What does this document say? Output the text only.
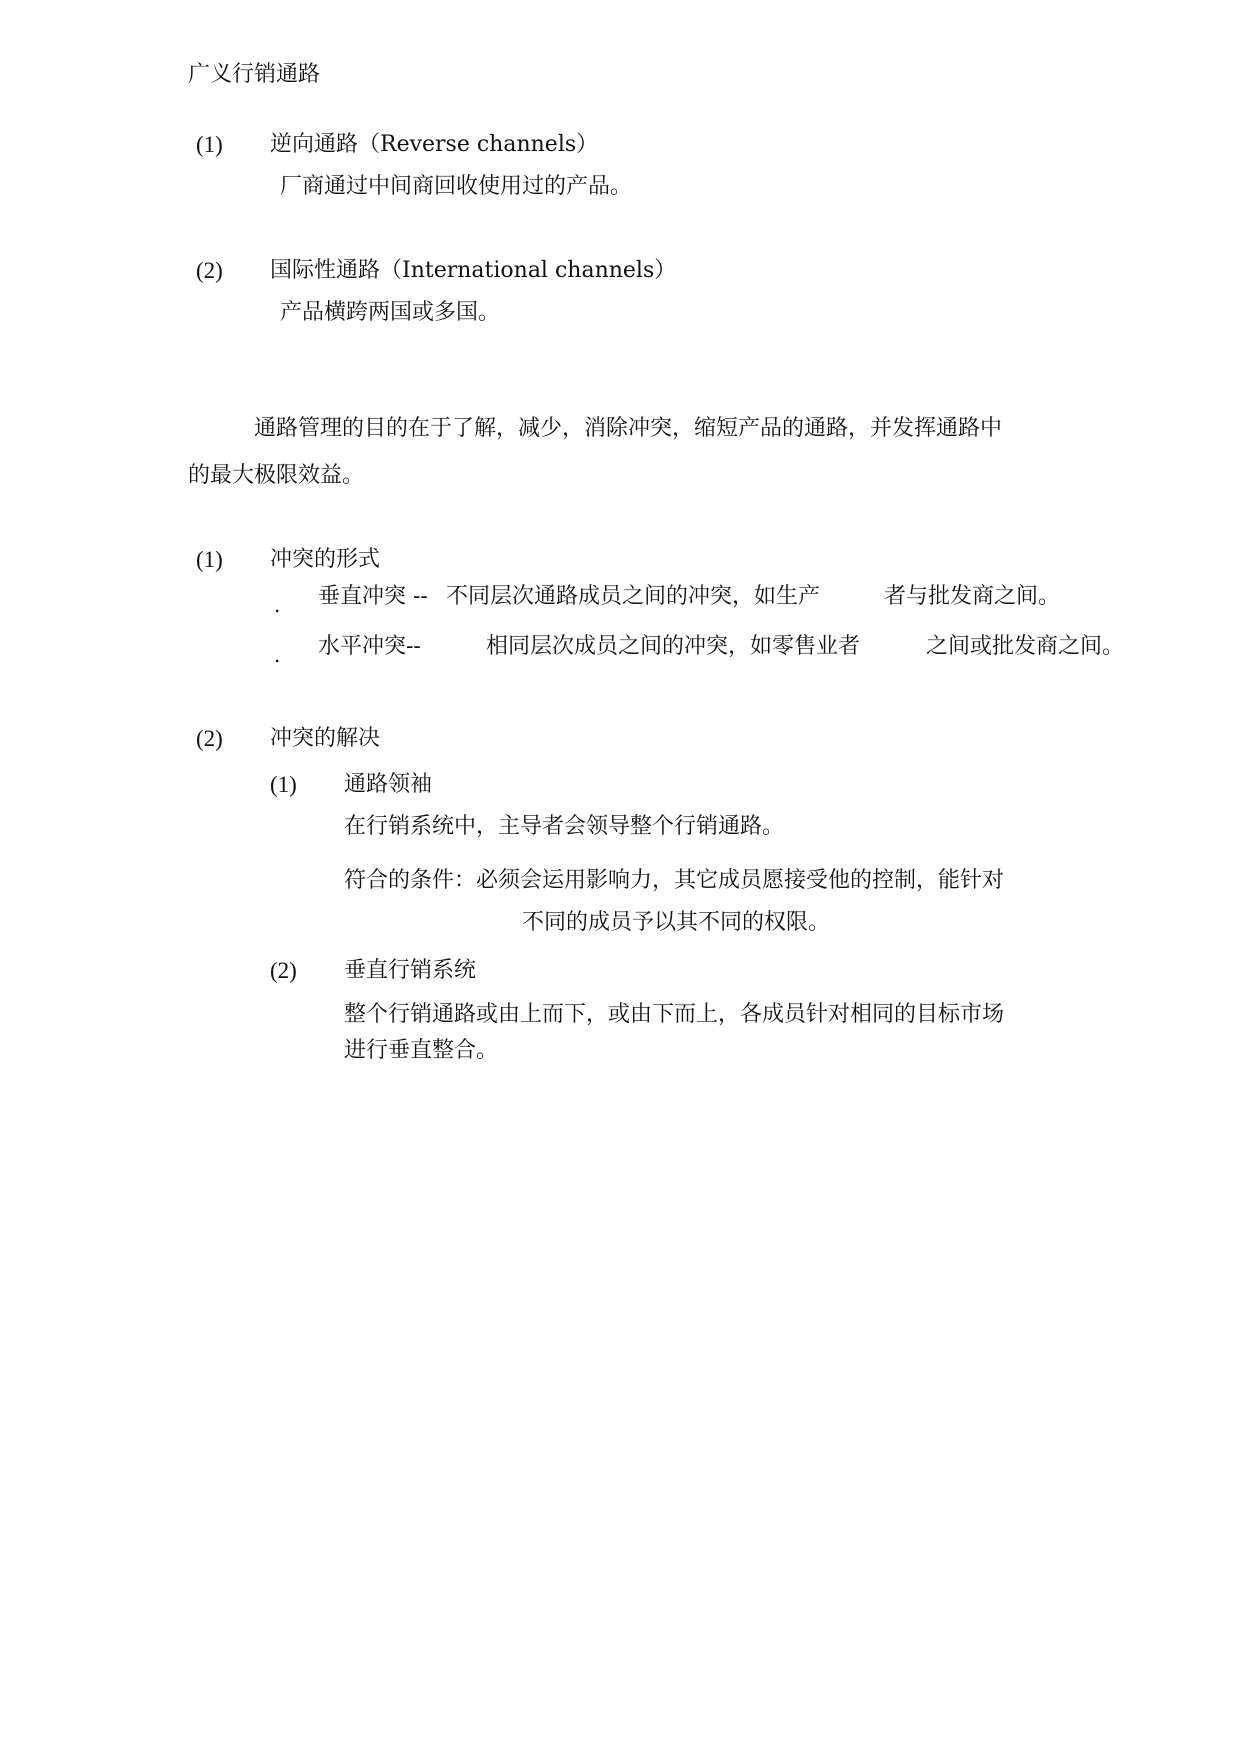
广义行销通路
(1) 逆向通路（Reverse channels）
厂商通过中间商回收使用过的产品。
(2) 国际性通路（International channels）
产品横跨两国或多国。
通路管理的目的在于了解，减少，消除冲突，缩短产品的通路，并发挥通路中
的最大极限效益。
(1) 冲突的形式
. 垂直冲突 -- 不同层次通路成员之间的冲突，如生产	者与批发商之间。
. 水平冲突--	相同层次成员之间的冲突，如零售业者	之间或批发商之间。
(2) 冲突的解决
(1) 通路领袖
在行销系统中，主导者会领导整个行销通路。
符合的条件：必须会运用影响力，其它成员愿接受他的控制，能针对
不同的成员予以其不同的权限。
(2) 垂直行销系统
整个行销通路或由上而下，或由下而上，各成员针对相同的目标市场
进行垂直整合。
